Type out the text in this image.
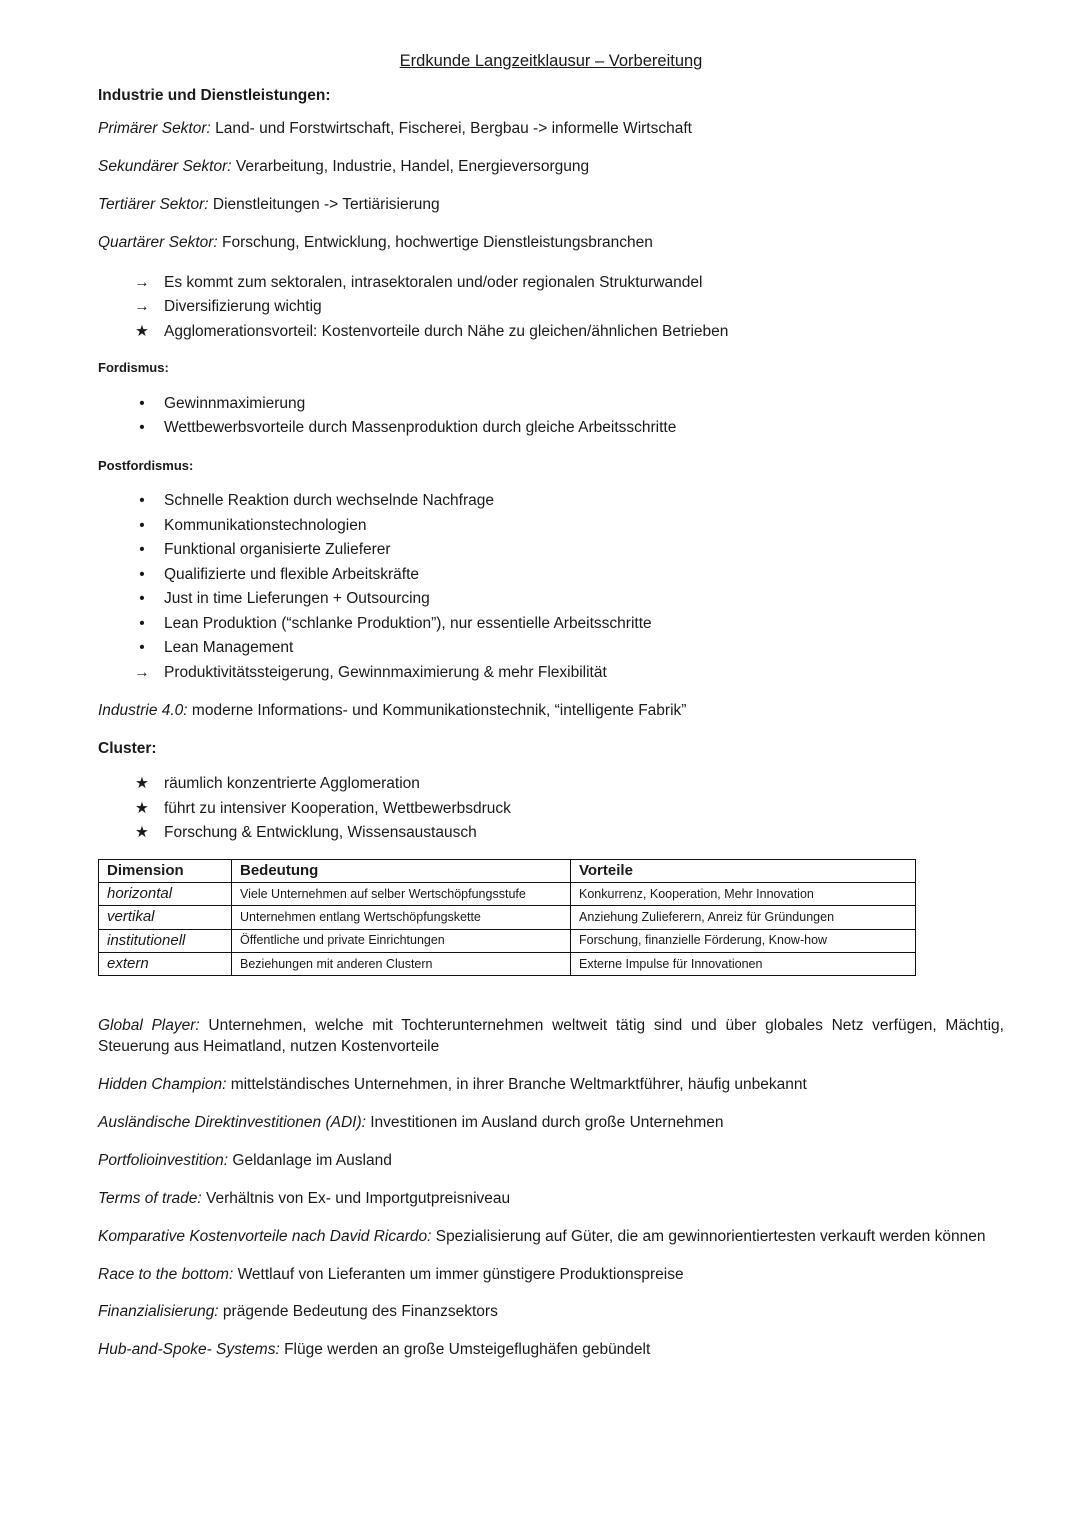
Erdkunde Langzeitklausur – Vorbereitung

Industrie und Dienstleistungen:

Primärer Sektor: Land- und Forstwirtschaft, Fischerei, Bergbau -> informelle Wirtschaft

Sekundärer Sektor: Verarbeitung, Industrie, Handel, Energieversorgung

Tertiärer Sektor: Dienstleitungen -> Tertiärisierung

Quartärer Sektor: Forschung, Entwicklung, hochwertige Dienstleistungsbranchen

→ Es kommt zum sektoralen, intrasektoralen und/oder regionalen Strukturwandel
→ Diversifizierung wichtig
★ Agglomerationsvorteil: Kostenvorteile durch Nähe zu gleichen/ähnlichen Betrieben

Fordismus:

•	Gewinnmaximierung
•	Wettbewerbsvorteile durch Massenproduktion durch gleiche Arbeitsschritte

Postfordismus:

•	Schnelle Reaktion durch wechselnde Nachfrage
•	Kommunikationstechnologien
•	Funktional organisierte Zulieferer
•	Qualifizierte und flexible Arbeitskräfte
•	Just in time Lieferungen + Outsourcing
•	Lean Produktion (“schlanke Produktion”), nur essentielle Arbeitsschritte
•	Lean Management
→ Produktivitätssteigerung, Gewinnmaximierung & mehr Flexibilität

Industrie 4.0: moderne Informations- und Kommunikationstechnik, “intelligente Fabrik”

Cluster:

★ räumlich konzentrierte Agglomeration
★ führt zu intensiver Kooperation, Wettbewerbsdruck
★ Forschung & Entwicklung, Wissensaustausch
Dimension	Bedeutung	Vorteile
horizontal	Viele Unternehmen auf selber Wertschöpfungsstufe	Konkurrenz, Kooperation, Mehr Innovation
vertikal	Unternehmen entlang Wertschöpfungskette	Anziehung Zulieferern, Anreiz für Gründungen
institutionell	Öffentliche und private Einrichtungen	Forschung, finanzielle Förderung, Know-how
extern	Beziehungen mit anderen Clustern	Externe Impulse für Innovationen

Global Player: Unternehmen, welche mit Tochterunternehmen weltweit tätig sind und über globales Netz verfügen, Mächtig, Steuerung aus Heimatland, nutzen Kostenvorteile

Hidden Champion: mittelständisches Unternehmen, in ihrer Branche Weltmarktführer, häufig unbekannt

Ausländische Direktinvestitionen (ADI): Investitionen im Ausland durch große Unternehmen

Portfolioinvestition: Geldanlage im Ausland

Terms of trade: Verhältnis von Ex- und Importgutpreisniveau

Komparative Kostenvorteile nach David Ricardo: Spezialisierung auf Güter, die am gewinnorientiertesten verkauft werden können

Race to the bottom: Wettlauf von Lieferanten um immer günstigere Produktionspreise

Finanzialisierung: prägende Bedeutung des Finanzsektors

Hub-and-Spoke- Systems: Flüge werden an große Umsteigeflughäfen gebündelt
